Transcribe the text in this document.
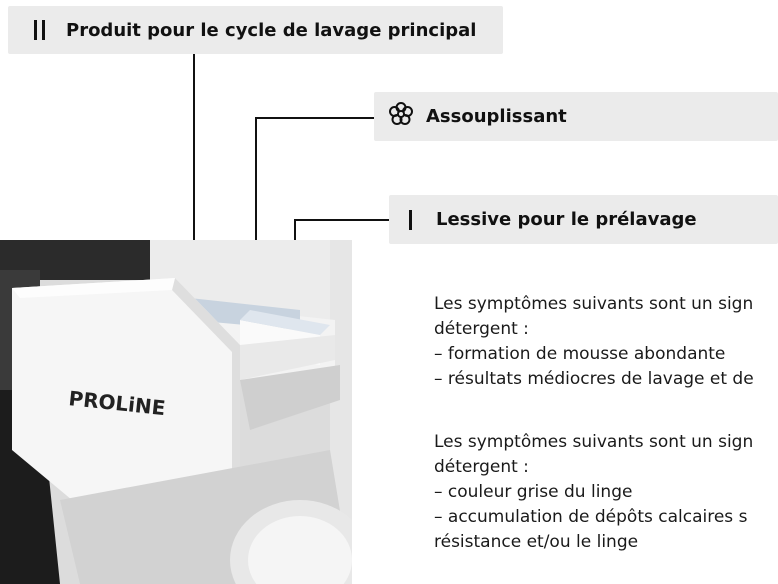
Produit pour le cycle de lavage principal
Assouplissant
Lessive pour le prélavage
PROLiNE
Les symptômes suivants sont un sign
détergent :
– formation de mousse abondante
– résultats médiocres de lavage et de
Les symptômes suivants sont un sign
détergent :
– couleur grise du linge
– accumulation de dépôts calcaires s
résistance et/ou le linge
